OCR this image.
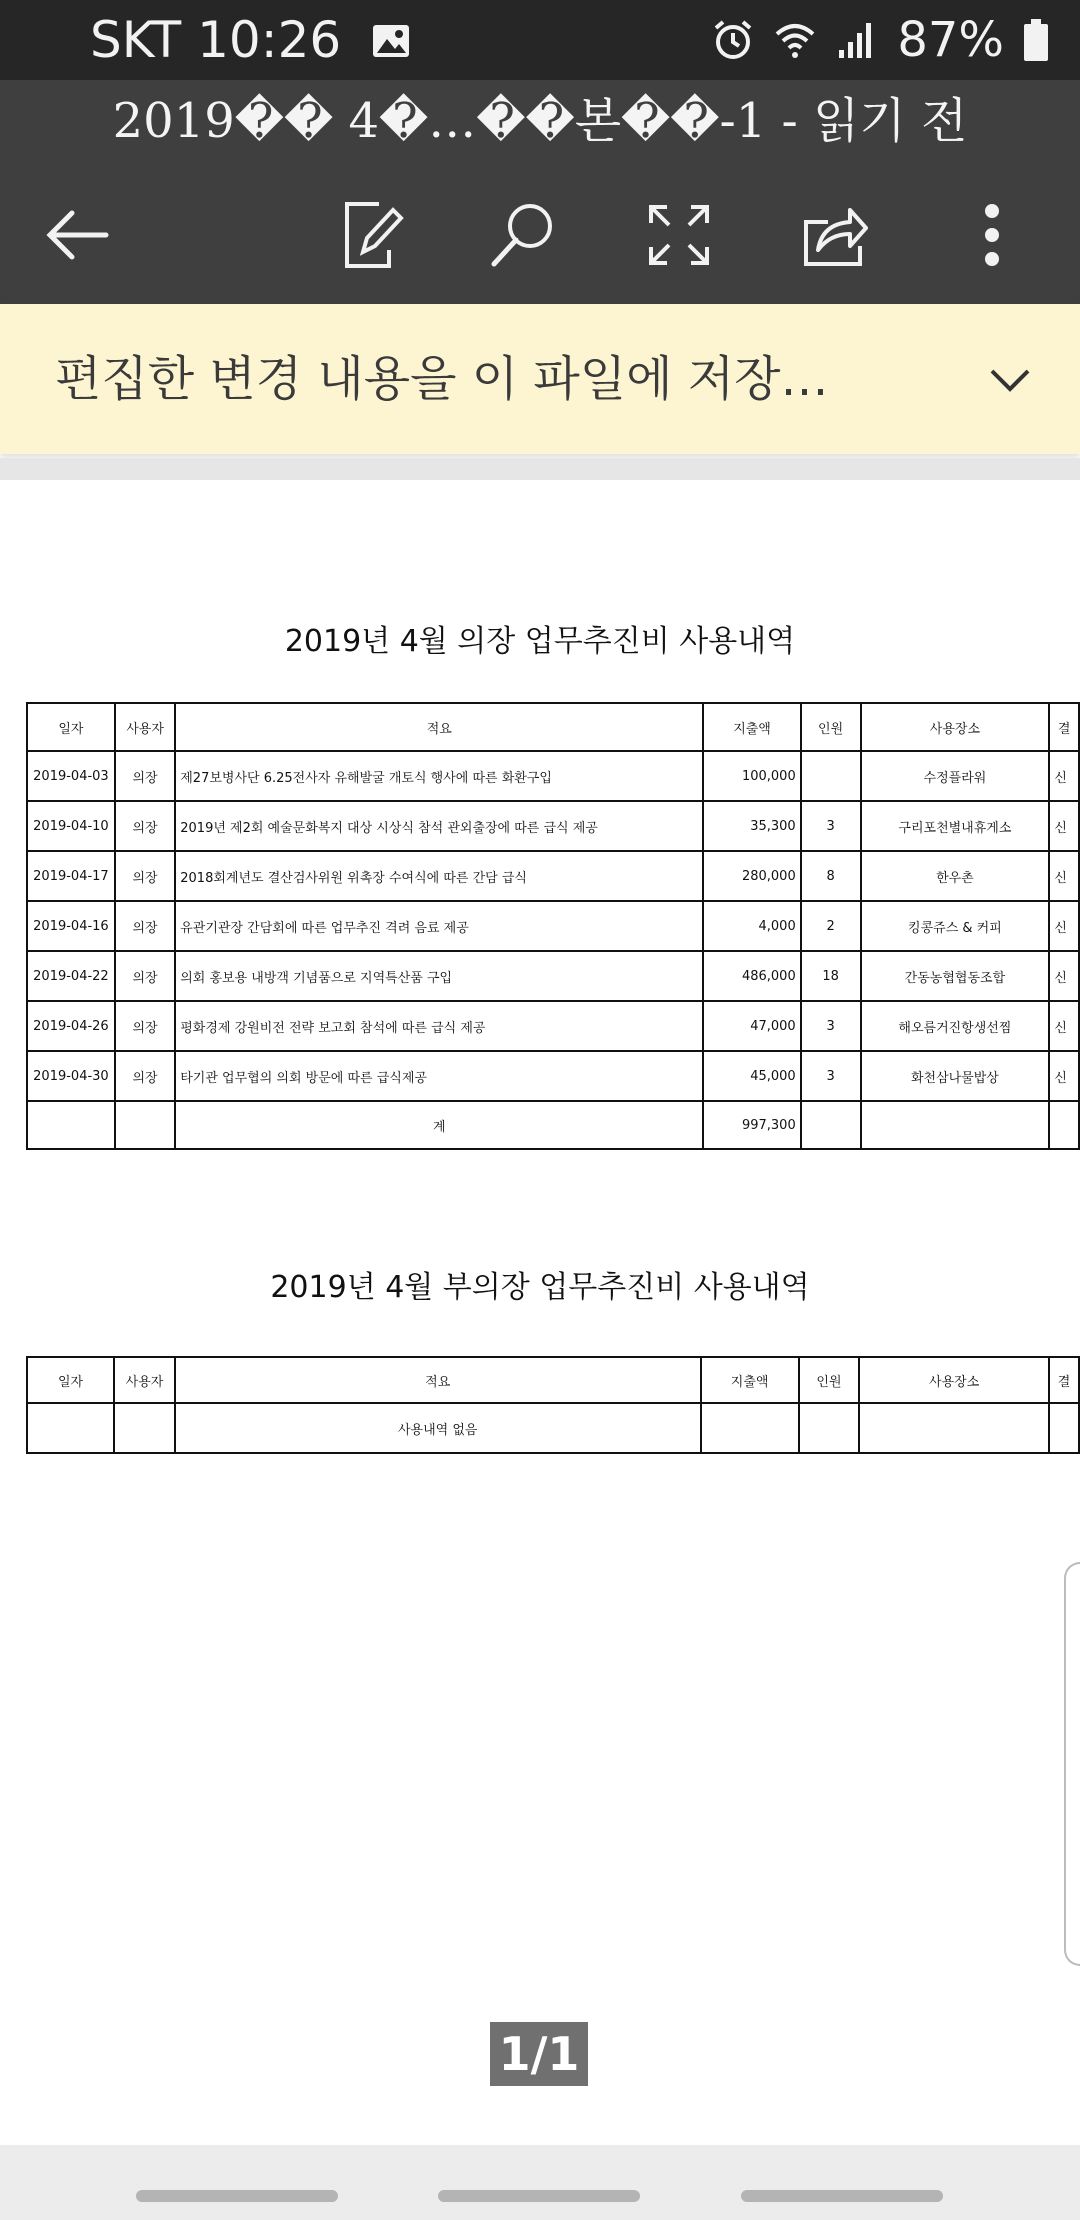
SKT 10:26	87%
2019�� 4�…��본��-1 - 읽기 전
편집한 변경 내용을 이 파일에 저장…
2019년 4월 의장 업무추진비 사용내역
일자	사용자	적요	지출액	인원	사용장소	결
2019-04-03	의장	제27보병사단 6.25전사자 유해발굴 개토식 행사에 따른 화환구입	100,000		수정플라워	신
2019-04-10	의장	2019년 제2회 예술문화복지 대상 시상식 참석 관외출장에 따른 급식 제공	35,300	3	구리포천별내휴게소	신
2019-04-17	의장	2018회계년도 결산검사위원 위촉장 수여식에 따른 간담 급식	280,000	8	한우촌	신
2019-04-16	의장	유관기관장 간담회에 따른 업무추진 격려 음료 제공	4,000	2	킹콩쥬스 & 커피	신
2019-04-22	의장	의회 홍보용 내방객 기념품으로 지역특산품 구입	486,000	18	간동농협협동조합	신
2019-04-26	의장	평화경제 강원비전 전략 보고회 참석에 따른 급식 제공	47,000	3	해오름거진항생선찜	신
2019-04-30	의장	타기관 업무협의 의회 방문에 따른 급식제공	45,000	3	화천삼나물밥상	신
		계	997,300			
2019년 4월 부의장 업무추진비 사용내역
일자	사용자	적요	지출액	인원	사용장소	결
		사용내역 없음				
1/1
